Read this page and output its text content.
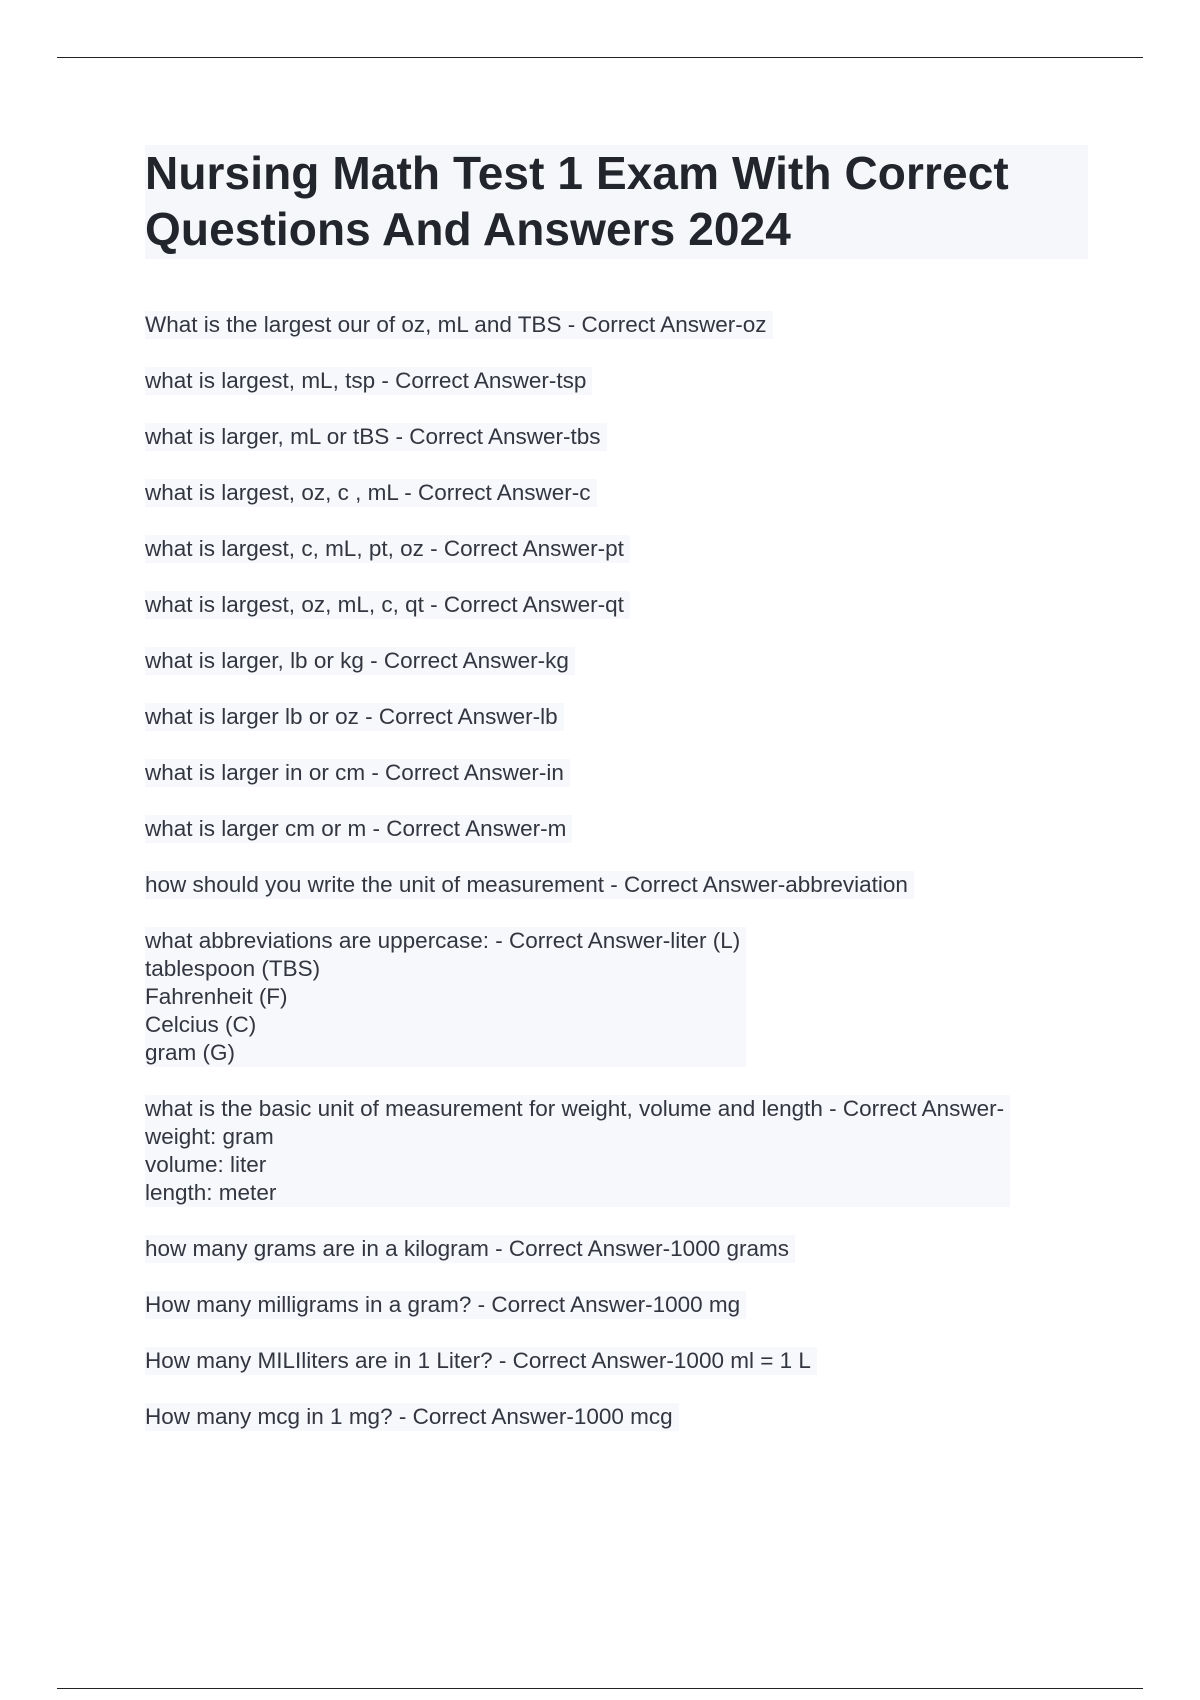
Nursing Math Test 1 Exam With Correct Questions And Answers 2024
What is the largest our of oz, mL and TBS - Correct Answer-oz
what is largest, mL, tsp - Correct Answer-tsp
what is larger, mL or tBS - Correct Answer-tbs
what is largest, oz, c , mL - Correct Answer-c
what is largest, c, mL, pt, oz - Correct Answer-pt
what is largest, oz, mL, c, qt - Correct Answer-qt
what is larger, lb or kg - Correct Answer-kg
what is larger lb or oz - Correct Answer-lb
what is larger in or cm - Correct Answer-in
what is larger cm or m - Correct Answer-m
how should you write the unit of measurement - Correct Answer-abbreviation
what abbreviations are uppercase: - Correct Answer-liter (L)
tablespoon (TBS)
Fahrenheit (F)
Celcius (C)
gram (G)
what is the basic unit of measurement for weight, volume and length - Correct Answer-
weight: gram
volume: liter
length: meter
how many grams are in a kilogram - Correct Answer-1000 grams
How many milligrams in a gram? - Correct Answer-1000 mg
How many MILIliters are in 1 Liter? - Correct Answer-1000 ml = 1 L
How many mcg in 1 mg? - Correct Answer-1000 mcg
